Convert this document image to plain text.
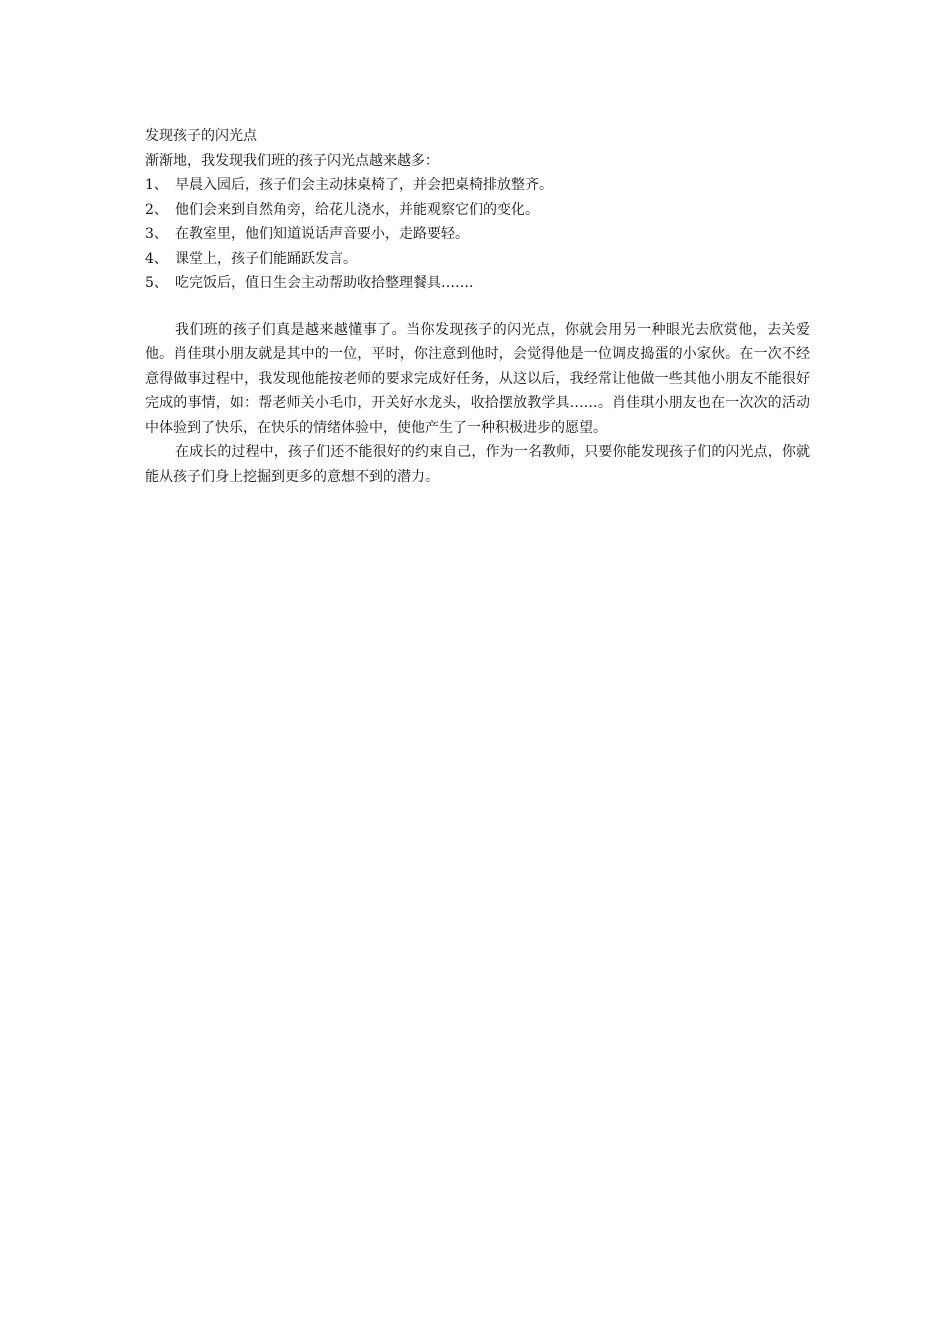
发现孩子的闪光点
渐渐地，我发现我们班的孩子闪光点越来越多：
1、 早晨入园后，孩子们会主动抹桌椅了，并会把桌椅排放整齐。
2、 他们会来到自然角旁，给花儿浇水，并能观察它们的变化。
3、 在教室里，他们知道说话声音要小，走路要轻。
4、 课堂上，孩子们能踊跃发言。
5、 吃完饭后，值日生会主动帮助收拾整理餐具…….

我们班的孩子们真是越来越懂事了。当你发现孩子的闪光点，你就会用另一种眼光去欣赏他，去关爱他。肖佳琪小朋友就是其中的一位，平时，你注意到他时，会觉得他是一位调皮捣蛋的小家伙。在一次不经意得做事过程中，我发现他能按老师的要求完成好任务，从这以后，我经常让他做一些其他小朋友不能很好完成的事情，如：帮老师关小毛巾，开关好水龙头，收拾摆放教学具……。肖佳琪小朋友也在一次次的活动中体验到了快乐，在快乐的情绪体验中，使他产生了一种积极进步的愿望。

在成长的过程中，孩子们还不能很好的约束自己，作为一名教师，只要你能发现孩子们的闪光点，你就能从孩子们身上挖掘到更多的意想不到的潜力。
